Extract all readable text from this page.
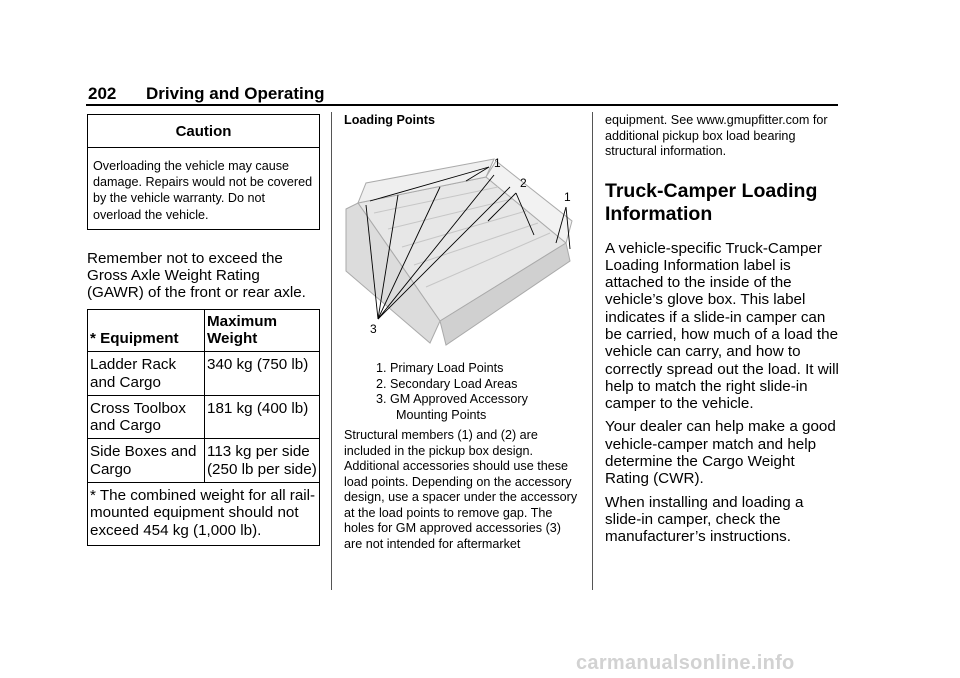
202 Driving and Operating
Caution
Overloading the vehicle may cause damage. Repairs would not be covered by the vehicle warranty. Do not overload the vehicle.
Remember not to exceed the Gross Axle Weight Rating (GAWR) of the front or rear axle.
* Equipment	Maximum Weight
Ladder Rack and Cargo	340 kg (750 lb)
Cross Toolbox and Cargo	181 kg (400 lb)
Side Boxes and Cargo	113 kg per side (250 lb per side)
* The combined weight for all rail-mounted equipment should not exceed 454 kg (1,000 lb).	
Loading Points
1
2
1
3
1. Primary Load Points
2. Secondary Load Areas
3. GM Approved Accessory Mounting Points
Structural members (1) and (2) are included in the pickup box design. Additional accessories should use these load points. Depending on the accessory design, use a spacer under the accessory at the load points to remove gap. The holes for GM approved accessories (3) are not intended for aftermarket
equipment. See www.gmupfitter.com for additional pickup box load bearing structural information.
Truck-Camper Loading Information
A vehicle-specific Truck-Camper Loading Information label is attached to the inside of the vehicle’s glove box. This label indicates if a slide-in camper can be carried, how much of a load the vehicle can carry, and how to correctly spread out the load. It will help to match the right slide-in camper to the vehicle.
Your dealer can help make a good vehicle-camper match and help determine the Cargo Weight Rating (CWR).
When installing and loading a slide-in camper, check the manufacturer’s instructions.
carmanualsonline.info
